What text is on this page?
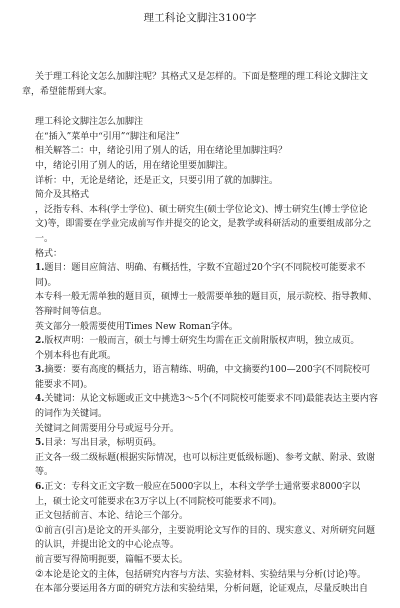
理工科论文脚注3100字

关于理工科论文怎么加脚注呢？其格式又是怎样的。下面是整理的理工科论文脚注文章，希望能帮到大家。

理工科论文脚注怎么加脚注

在“插入”菜单中“引用”“脚注和尾注”

相关解答二：中，绪论引用了别人的话，用在绪论里加脚注吗？

中，绪论引用了别人的话，用在绪论里要加脚注。

详析：中，无论是绪论，还是正文，只要引用了就的加脚注。

简介及其格式

，泛指专科、本科(学士学位)、硕士研究生(硕士学位论文)、博士研究生(博士学位论文)等，即需要在学业完成前写作并提交的论文，是教学或科研活动的重要组成部分之一。

格式：

1.题目：题目应简洁、明确、有概括性，字数不宜超过20个字(不同院校可能要求不同)。

本专科一般无需单独的题目页，硕博士一般需要单独的题目页，展示院校、指导教师、答辩时间等信息。

英文部分一般需要使用Times New Roman字体。

2.版权声明：一般而言，硕士与博士研究生均需在正文前附版权声明，独立成页。

个别本科也有此项。

3.摘要：要有高度的概括力，语言精练、明确，中文摘要约100—200字(不同院校可能要求不同)。

4.关键词：从论文标题或正文中挑选3～5个(不同院校可能要求不同)最能表达主要内容的词作为关键词。

关键词之间需要用分号或逗号分开。

5.目录：写出目录，标明页码。

正文各一级二级标题(根据实际情况，也可以标注更低级标题)、参考文献、附录、致谢等。

6.正文：专科文正文字数一般应在5000字以上，本科文学学士通常要求8000字以上，硕士论文可能要求在3万字以上(不同院校可能要求不同)。

正文包括前言、本论、结论三个部分。

①前言(引言)是论文的开头部分，主要说明论文写作的目的、现实意义、对所研究问题的认识，并提出论文的中心论点等。

前言要写得简明扼要，篇幅不要太长。

②本论是论文的主体，包括研究内容与方法、实验材料、实验结果与分析(讨论)等。

在本部分要运用各方面的研究方法和实验结果，分析问题，论证观点，尽量反映出自
